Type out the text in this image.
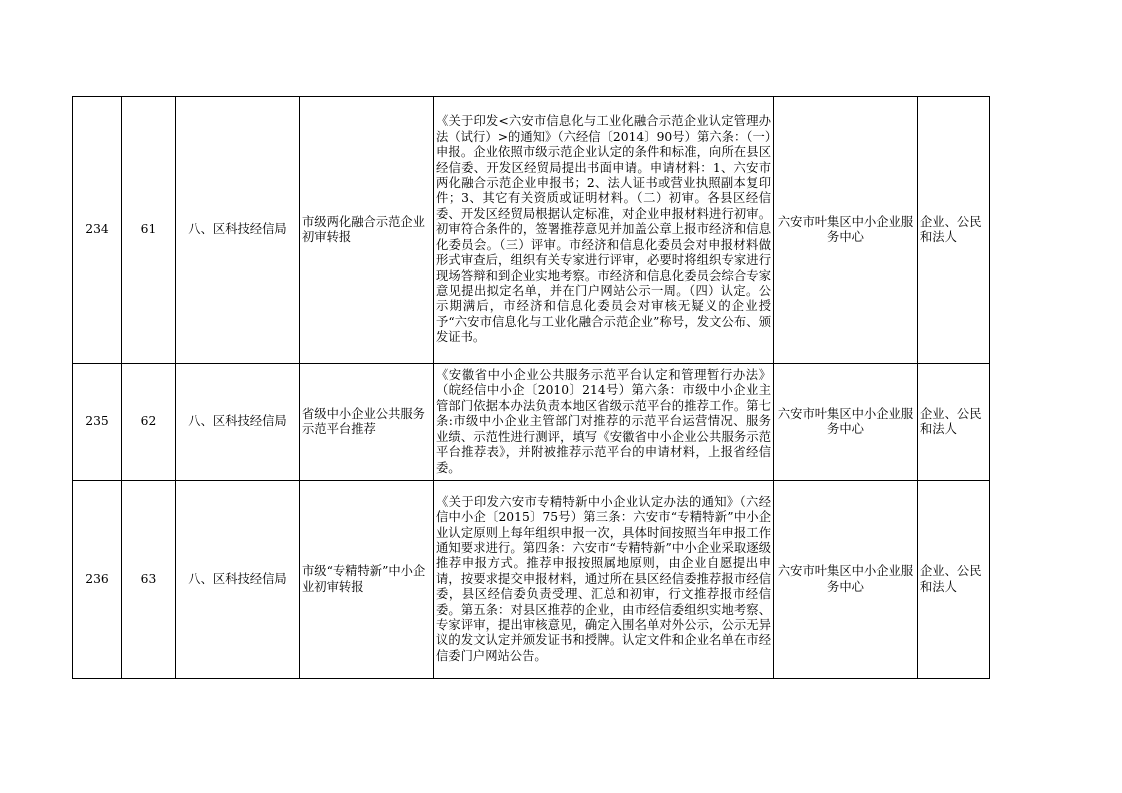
234	61	八、区科技经信局	市级两化融合示范企业初审转报	《关于印发<六安市信息化与工业化融合示范企业认定管理办法（试行）>的通知》（六经信〔2014〕90号）第六条：（一）申报。企业依照市级示范企业认定的条件和标准，向所在县区经信委、开发区经贸局提出书面申请。申请材料：1、六安市两化融合示范企业申报书；2、法人证书或营业执照副本复印件；3、其它有关资质或证明材料。（二）初审。各县区经信委、开发区经贸局根据认定标准，对企业申报材料进行初审。初审符合条件的，签署推荐意见并加盖公章上报市经济和信息化委员会。（三）评审。市经济和信息化委员会对申报材料做形式审查后，组织有关专家进行评审，必要时将组织专家进行现场答辩和到企业实地考察。市经济和信息化委员会综合专家意见提出拟定名单，并在门户网站公示一周。（四）认定。公示期满后，市经济和信息化委员会对审核无疑义的企业授予“六安市信息化与工业化融合示范企业”称号，发文公布、颁发证书。	六安市叶集区中小企业服务中心	企业、公民和法人
235	62	八、区科技经信局	省级中小企业公共服务示范平台推荐	《安徽省中小企业公共服务示范平台认定和管理暂行办法》（皖经信中小企〔2010〕214号）第六条：市级中小企业主管部门依据本办法负责本地区省级示范平台的推荐工作。第七条:市级中小企业主管部门对推荐的示范平台运营情况、服务业绩、示范性进行测评，填写《安徽省中小企业公共服务示范平台推荐表》，并附被推荐示范平台的申请材料，上报省经信委。	六安市叶集区中小企业服务中心	企业、公民和法人
236	63	八、区科技经信局	市级“专精特新”中小企业初审转报	《关于印发六安市专精特新中小企业认定办法的通知》（六经信中小企〔2015〕75号）第三条：六安市“专精特新”中小企业认定原则上每年组织申报一次，具体时间按照当年申报工作通知要求进行。第四条：六安市“专精特新”中小企业采取逐级推荐申报方式。推荐申报按照属地原则，由企业自愿提出申请，按要求提交申报材料，通过所在县区经信委推荐报市经信委，县区经信委负责受理、汇总和初审，行文推荐报市经信委。第五条：对县区推荐的企业，由市经信委组织实地考察、专家评审，提出审核意见，确定入围名单对外公示，公示无异议的发文认定并颁发证书和授牌。认定文件和企业名单在市经信委门户网站公告。	六安市叶集区中小企业服务中心	企业、公民和法人
